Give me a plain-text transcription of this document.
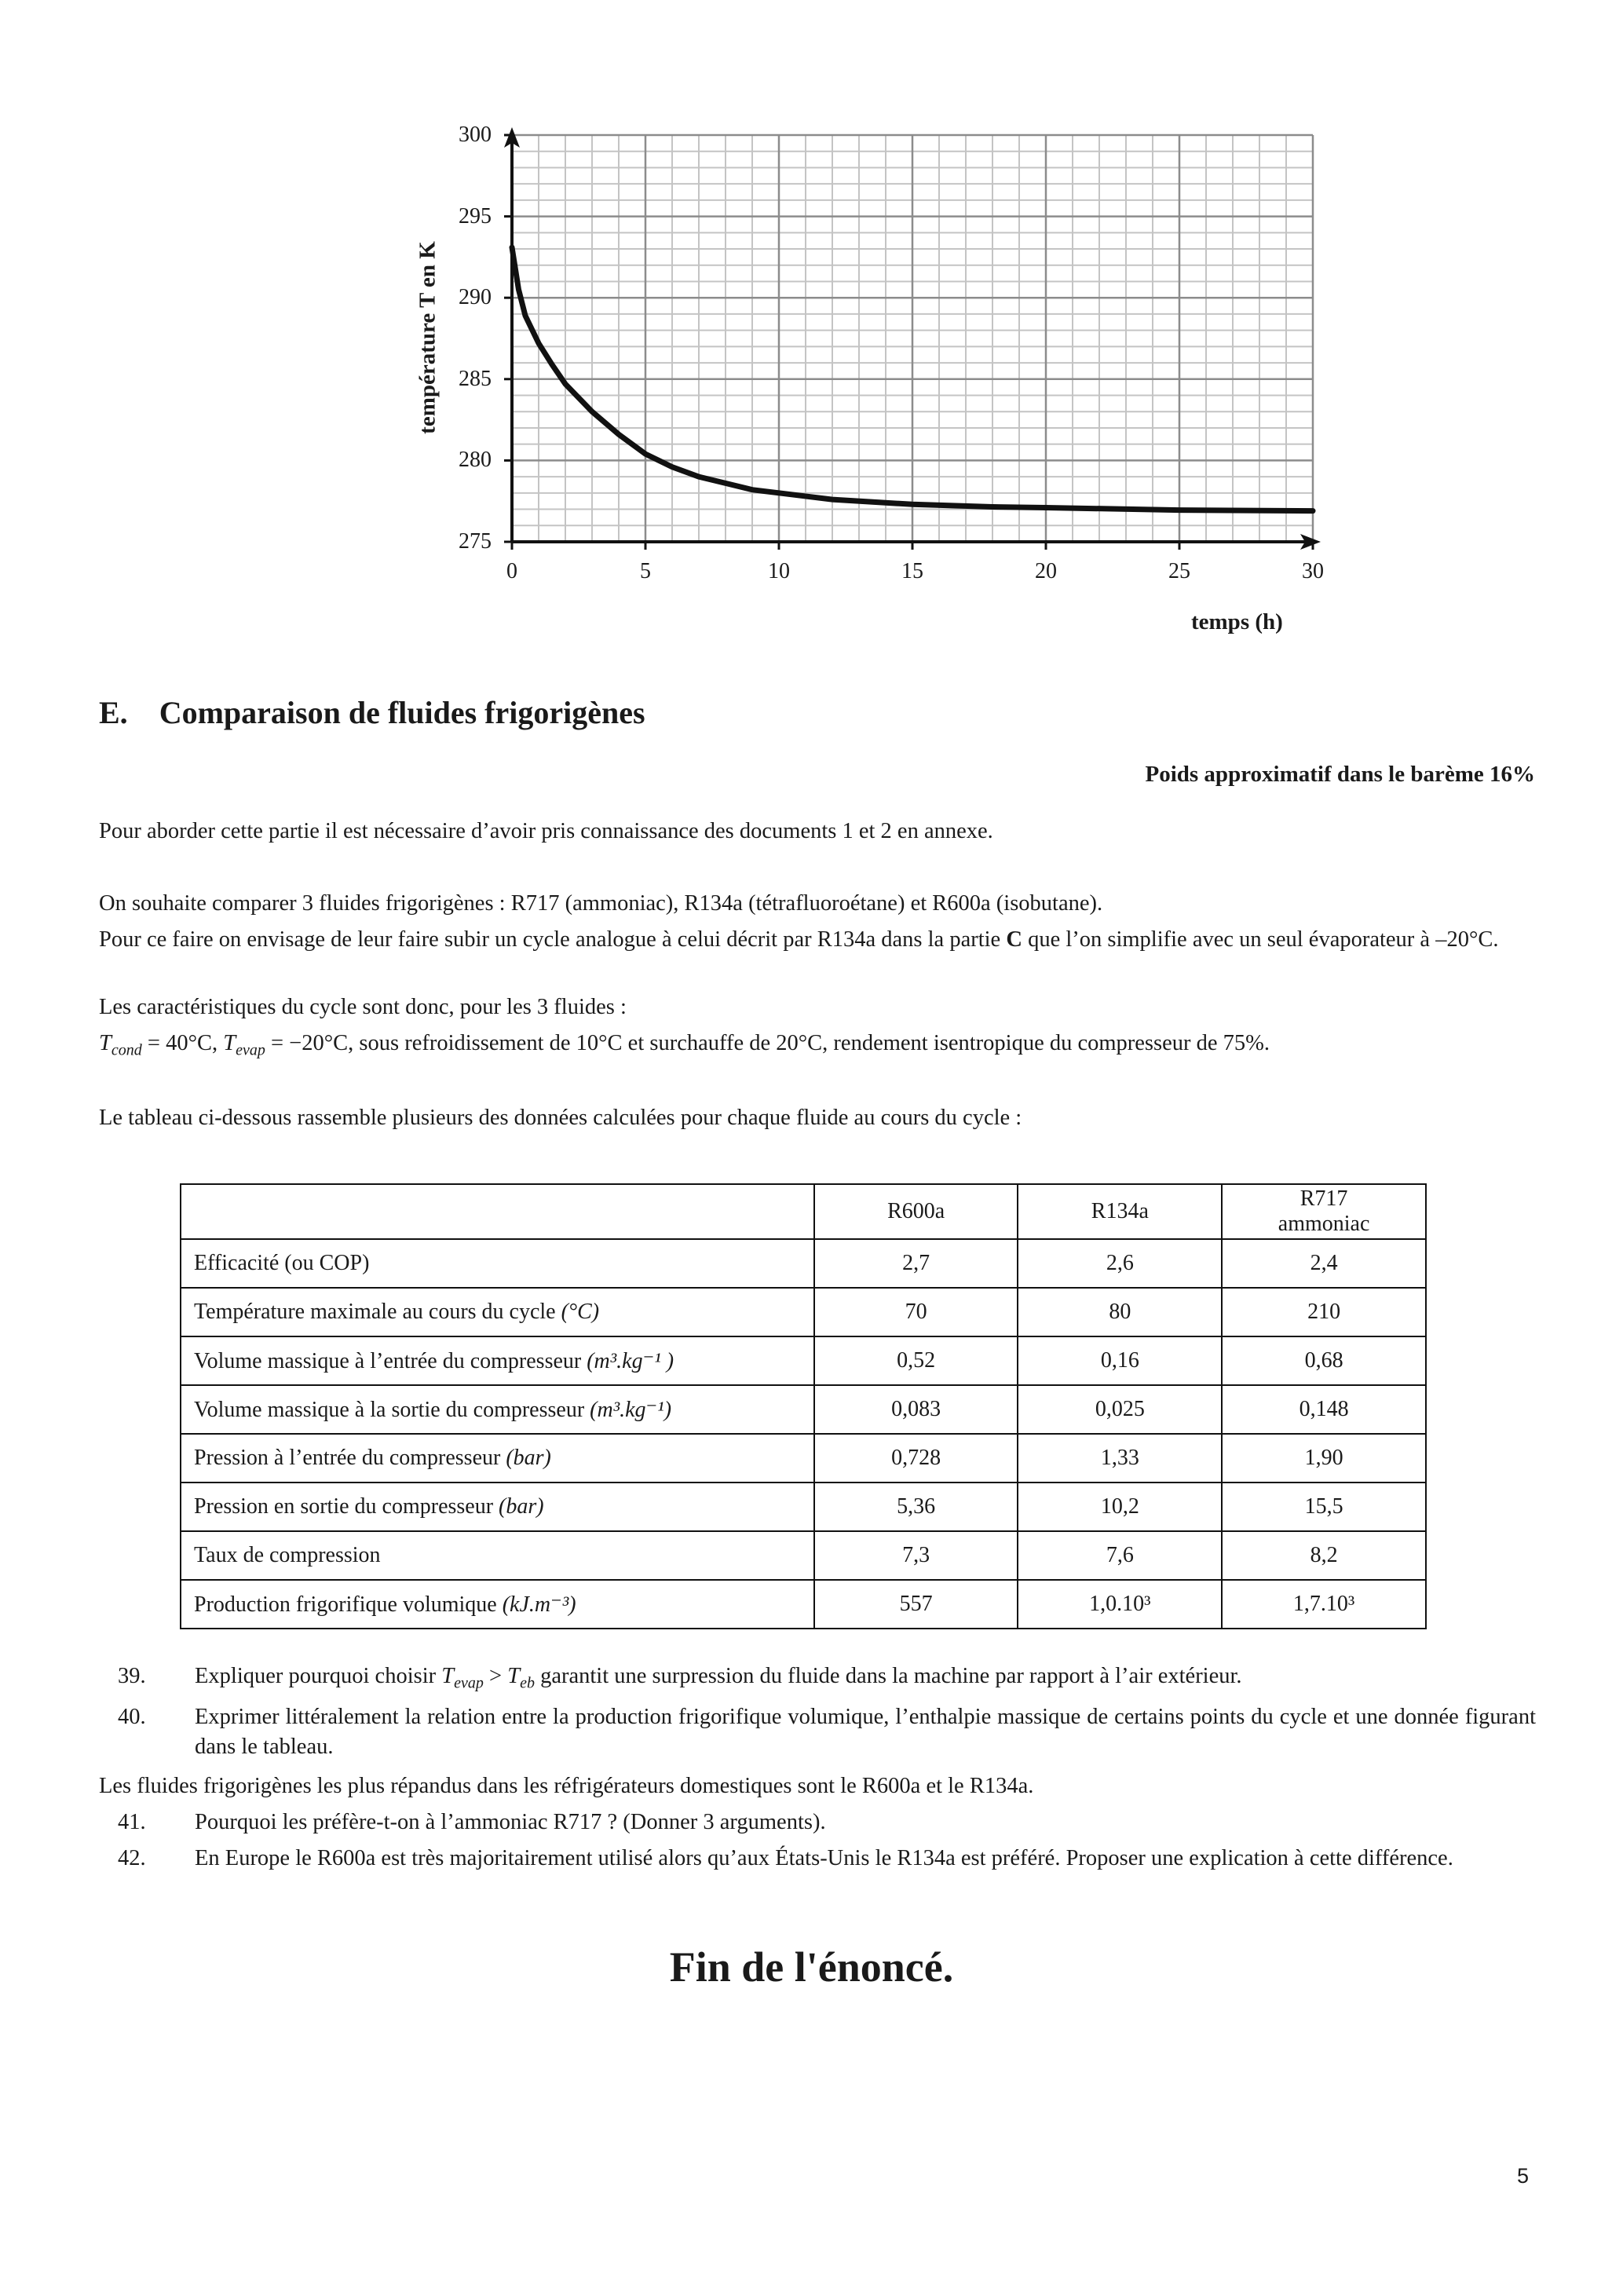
300
295
290
285
280
275
0	5	10	15	20	25	30
température T en K
temps (h)
E. Comparaison de fluides frigorigènes
Poids approximatif dans le barème 16%
Pour aborder cette partie il est nécessaire d’avoir pris connaissance des documents 1 et 2 en annexe.
On souhaite comparer 3 fluides frigorigènes : R717 (ammoniac), R134a (tétrafluoroétane) et R600a (isobutane).
Pour ce faire on envisage de leur faire subir un cycle analogue à celui décrit par R134a dans la partie C que l’on simplifie avec un seul évaporateur à –20°C.
Les caractéristiques du cycle sont donc, pour les 3 fluides :
$T_{cond} = 40^\circ C$, $T_{evap} = -20^\circ C$, sous refroidissement de 10°C et surchauffe de 20°C, rendement isentropique du compresseur de 75%.
Le tableau ci-dessous rassemble plusieurs des données calculées pour chaque fluide au cours du cycle :
	R600a	R134a	R717
ammoniac
Efficacité (ou COP)	2,7	2,6	2,4
Température maximale au cours du cycle (°C)	70	80	210
Volume massique à l’entrée du compresseur (m³.kg⁻¹ )	0,52	0,16	0,68
Volume massique à la sortie du compresseur (m³.kg⁻¹)	0,083	0,025	0,148
Pression à l’entrée du compresseur (bar)	0,728	1,33	1,90
Pression en sortie du compresseur (bar)	5,36	10,2	15,5
Taux de compression	7,3	7,6	8,2
Production frigorifique volumique (kJ.m⁻³)	557	1,0.10³	1,7.10³
39. Expliquer pourquoi choisir $T_{evap} > T_{eb}$ garantit une surpression du fluide dans la machine par rapport à l’air extérieur.
40. Exprimer littéralement la relation entre la production frigorifique volumique, l’enthalpie massique de certains points du cycle et une donnée figurant dans le tableau.
Les fluides frigorigènes les plus répandus dans les réfrigérateurs domestiques sont le R600a et le R134a.
41. Pourquoi les préfère-t-on à l’ammoniac R717 ? (Donner 3 arguments).
42. En Europe le R600a est très majoritairement utilisé alors qu’aux États-Unis le R134a est préféré. Proposer une explication à cette différence.
Fin de l'énoncé.
5
